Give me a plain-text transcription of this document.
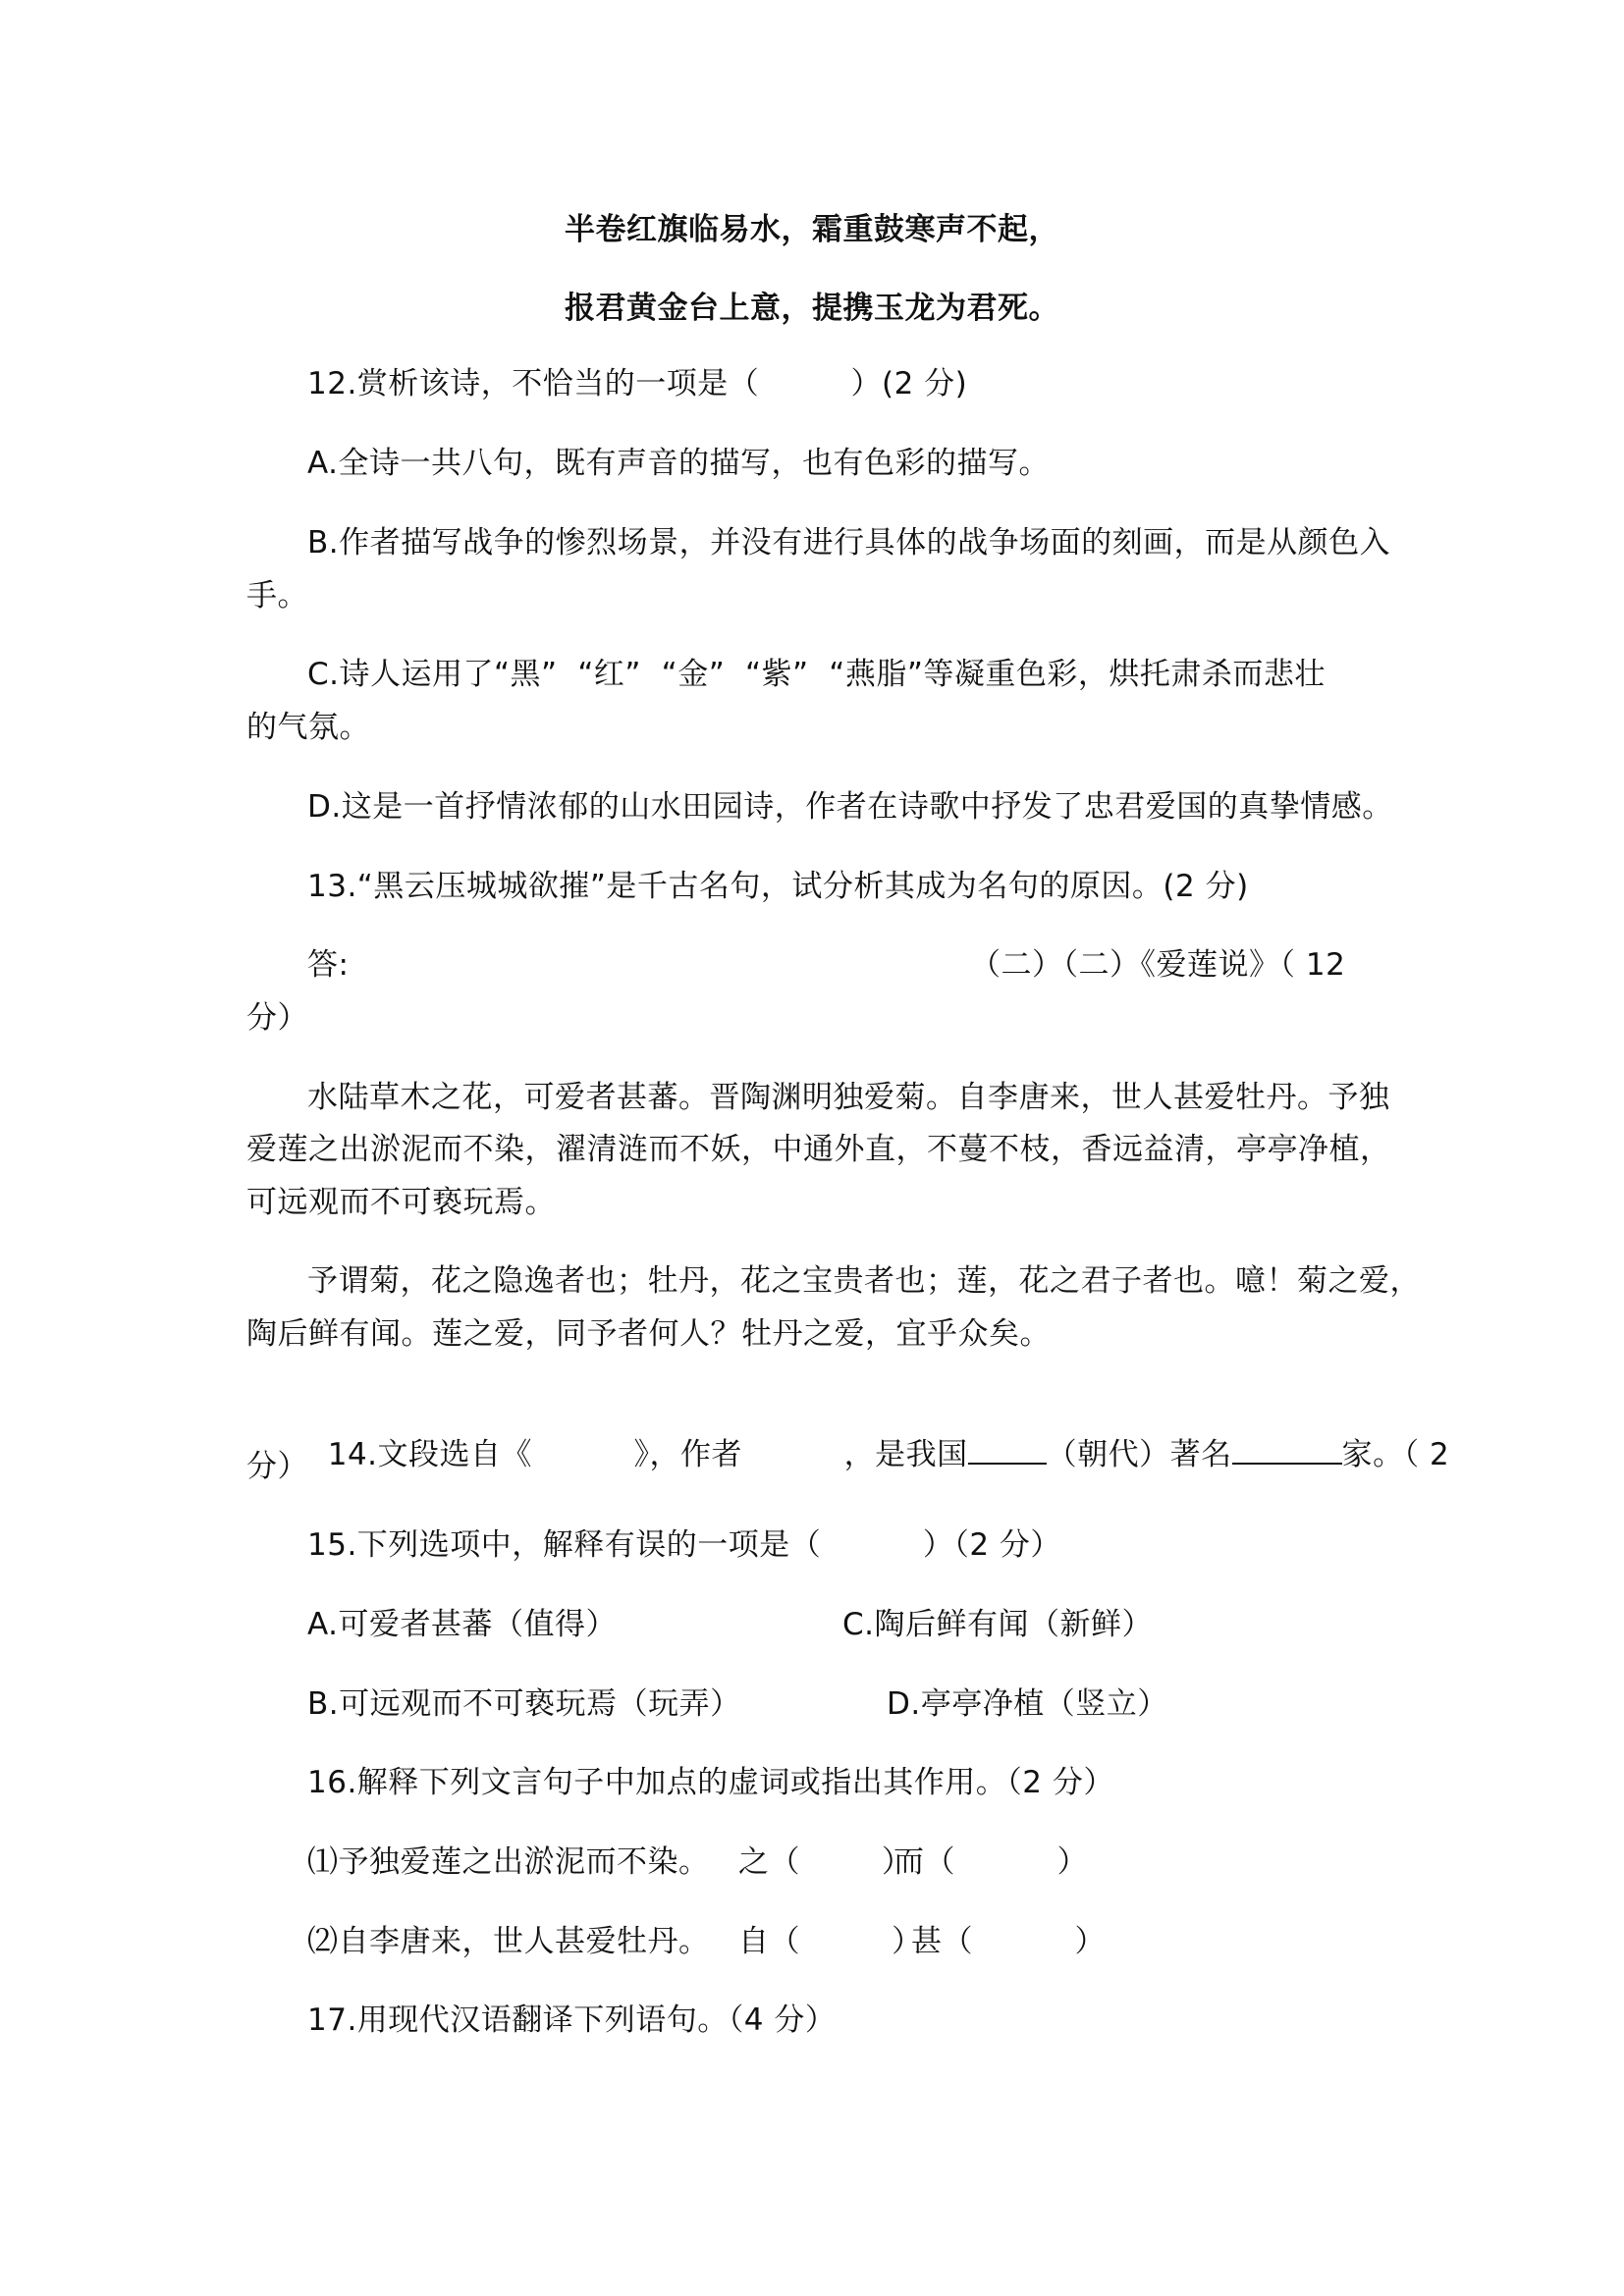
半卷红旗临易水，霜重鼓寒声不起，
报君黄金台上意，提携玉龙为君死。
12.赏析该诗，不恰当的一项是（         ）(2 分)
A.全诗一共八句，既有声音的描写，也有色彩的描写。
B.作者描写战争的惨烈场景，并没有进行具体的战争场面的刻画，而是从颜色入
手。
C.诗人运用了“黑”  “红”  “金”  “紫”  “燕脂”等凝重色彩，烘托肃杀而悲壮
的气氛。
D.这是一首抒情浓郁的山水田园诗，作者在诗歌中抒发了忠君爱国的真挚情感。
13.“黑云压城城欲摧”是千古名句，试分析其成为名句的原因。(2 分)
答:	（二）（二）《爱莲说》（ 12
分）
水陆草木之花，可爱者甚蕃。晋陶渊明独爱菊。自李唐来，世人甚爱牡丹。予独
爱莲之出淤泥而不染，濯清涟而不妖，中通外直，不蔓不枝，香远益清，亭亭净植，
可远观而不可亵玩焉。
予谓菊，花之隐逸者也；牡丹，花之宝贵者也；莲，花之君子者也。噫！菊之爱，
陶后鲜有闻。莲之爱，同予者何人？牡丹之爱，宜乎众矣。

14.文段选自《          》，作者          ，是我国	（朝代）著名	家。（ 2

分）
15.下列选项中，解释有误的一项是（          ）（2 分）
A.可爱者甚蕃（值得）	C.陶后鲜有闻（新鲜）
B.可远观而不可亵玩焉（玩弄）	D.亭亭净植（竖立）
16.解释下列文言句子中加点的虚词或指出其作用。（2 分）
⑴予独爱莲之出淤泥而不染。 之（        ）
而（          ）
⑵自李唐来，世人甚爱牡丹。 自（         ）
甚（          ）
17.用现代汉语翻译下列语句。（4 分）
